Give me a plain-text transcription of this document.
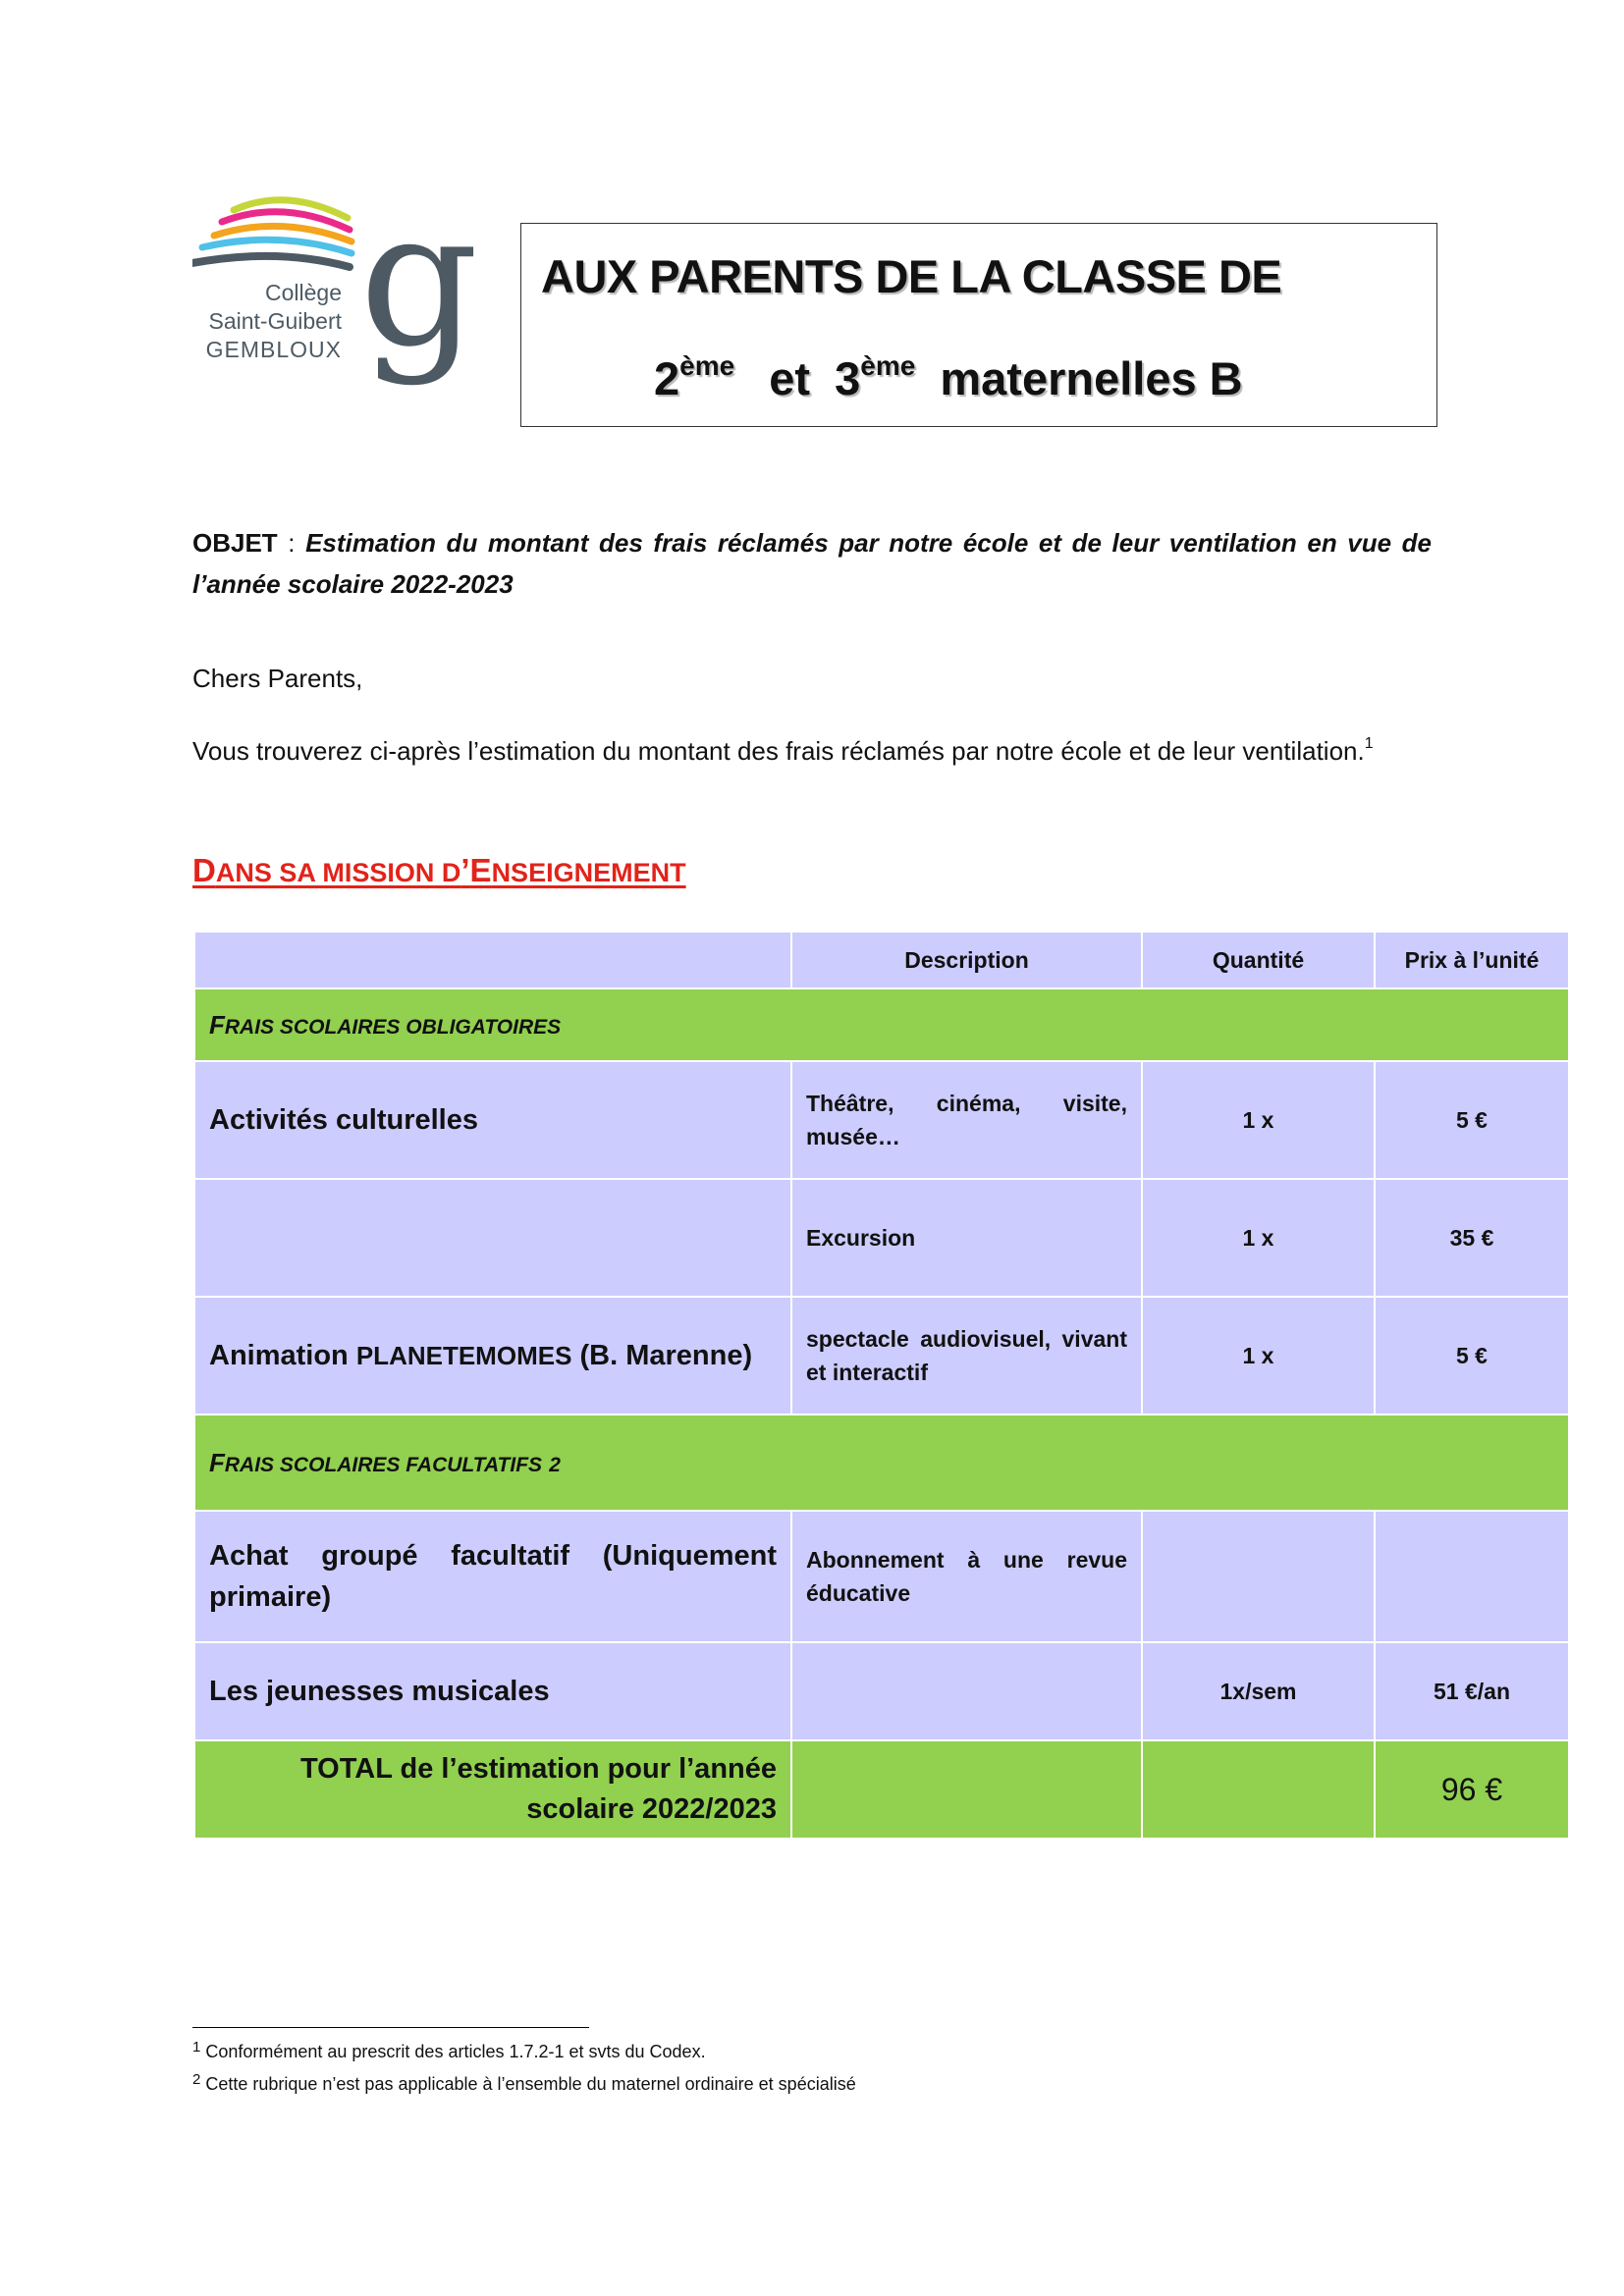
g
Collège
Saint-Guibert
GEMBLOUX
AUX PARENTS DE LA CLASSE DE
2ème et 3ème maternelles B
OBJET : Estimation du montant des frais réclamés par notre école et de leur ventilation en vue de l’année scolaire 2022-2023
Chers Parents,
Vous trouverez ci-après l’estimation du montant des frais réclamés par notre école et de leur ventilation.$^1$
DANS SA MISSION D’ENSEIGNEMENT
	Description	Quantité	Prix à l’unité
FRAIS SCOLAIRES OBLIGATOIRES			
Activités culturelles	Théâtre, cinéma, visite, musée…	1 x	5 €
	Excursion	1 x	35 €
Animation PLANETEMOMES (B. Marenne)	spectacle audiovisuel, vivant et interactif	1 x	5 €
FRAIS SCOLAIRES FACULTATIFS 2			
Achat groupé facultatif (Uniquement primaire)	Abonnement à une revue éducative		
Les jeunesses musicales		1x/sem	51 €/an
TOTAL de l’estimation pour l’année scolaire 2022/2023			96 €
$^1$ Conformément au prescrit des articles 1.7.2-1 et svts du Codex.
$^2$ Cette rubrique n’est pas applicable à l’ensemble du maternel ordinaire et spécialisé
